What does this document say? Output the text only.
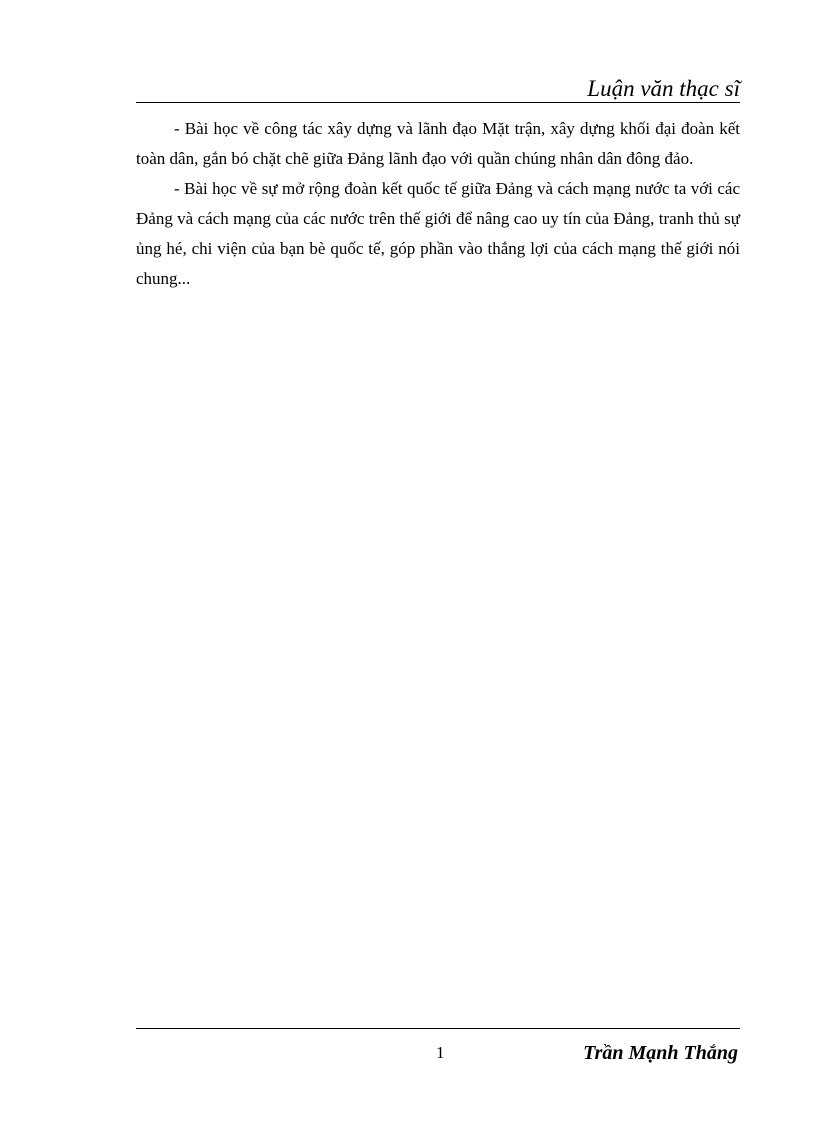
Luận văn thạc sĩ

- Bài học về công tác xây dựng và lãnh đạo Mặt trận, xây dựng khối đại đoàn kết toàn dân, gắn bó chặt chẽ giữa Đảng lãnh đạo với quần chúng nhân dân đông đảo.

- Bài học về sự mở rộng đoàn kết quốc tế giữa Đảng và cách mạng nước ta với các Đảng và cách mạng của các nước trên thế giới để nâng cao uy tín của Đảng, tranh thủ sự ủng hé, chi viện của bạn bè quốc tế, góp phần vào thắng lợi của cách mạng thế giới nói chung...

1	Trần Mạnh Thắng
